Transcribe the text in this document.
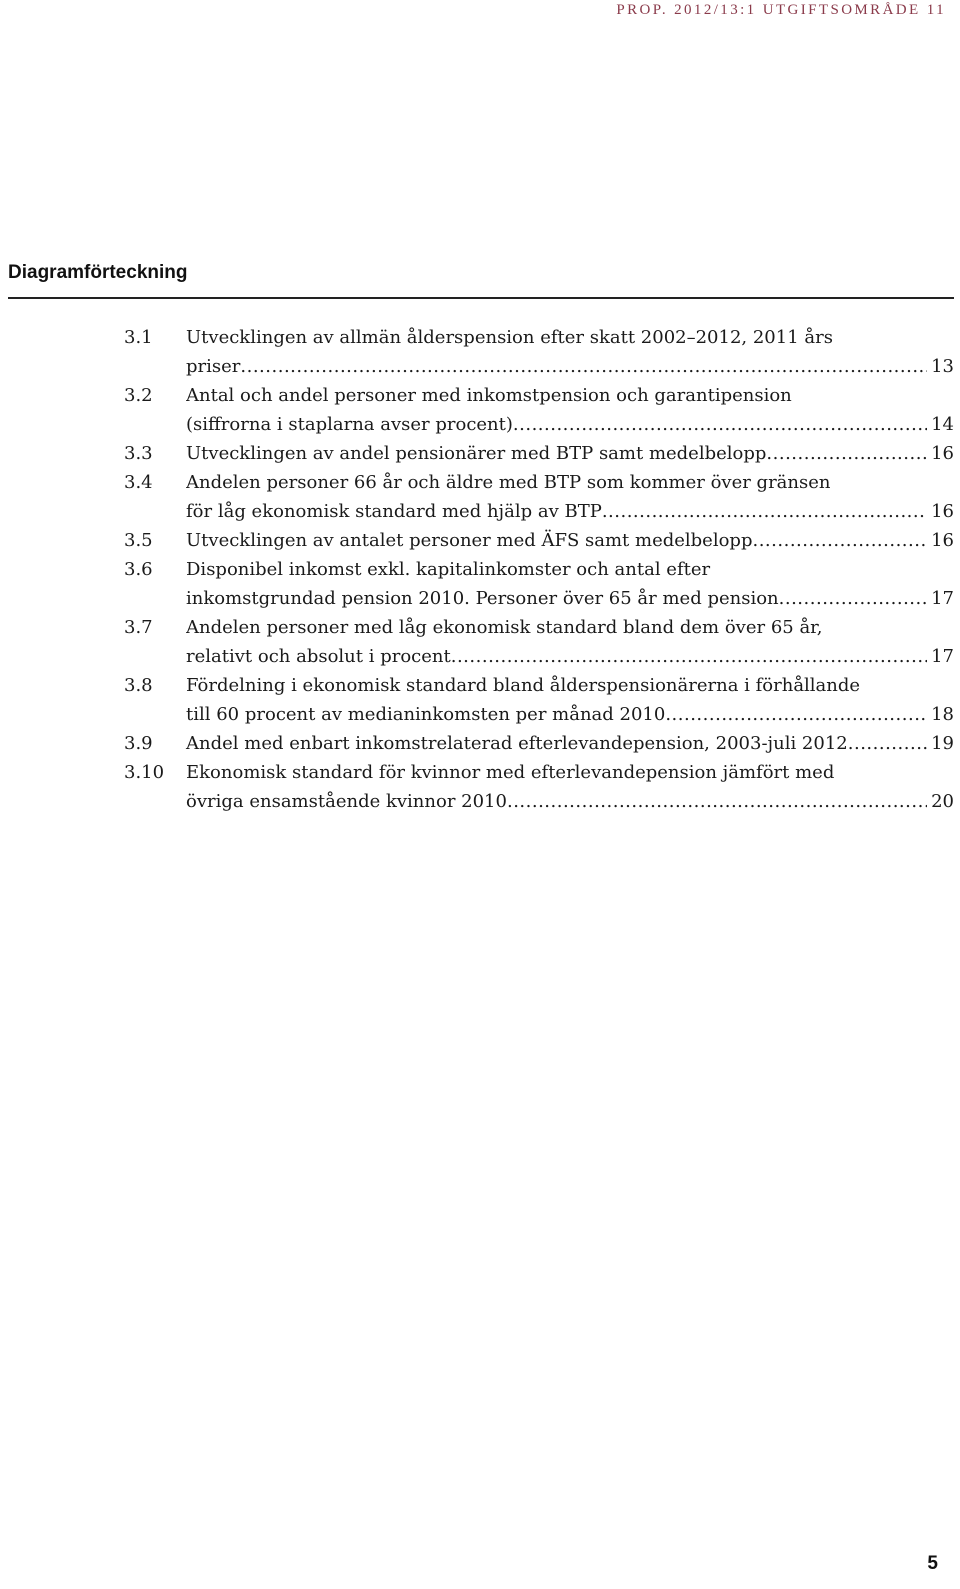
PROP. 2012/13:1 UTGIFTSOMRÅDE 11
Diagramförteckning
3.1	Utvecklingen av allmän ålderspension efter skatt 2002–2012, 2011 års
priser .....	13
3.2	Antal och andel personer med inkomstpension och garantipension
(siffrorna i staplarna avser procent) .....	14
3.3	Utvecklingen av andel pensionärer med BTP samt medelbelopp .....	16
3.4	Andelen personer 66 år och äldre med BTP som kommer över gränsen
för låg ekonomisk standard med hjälp av BTP .....	16
3.5	Utvecklingen av antalet personer med ÄFS samt medelbelopp .....	16
3.6	Disponibel inkomst exkl. kapitalinkomster och antal efter
inkomstgrundad pension 2010. Personer över 65 år med pension .....	17
3.7	Andelen personer med låg ekonomisk standard bland dem över 65 år,
relativt och absolut i procent .....	17
3.8	Fördelning i ekonomisk standard bland ålderspensionärerna i förhållande
till 60 procent av medianinkomsten per månad 2010 .....	18
3.9	Andel med enbart inkomstrelaterad efterlevandepension, 2003-juli 2012 .....	19
3.10	Ekonomisk standard för kvinnor med efterlevandepension jämfört med
övriga ensamstående kvinnor 2010 .....	20
5
